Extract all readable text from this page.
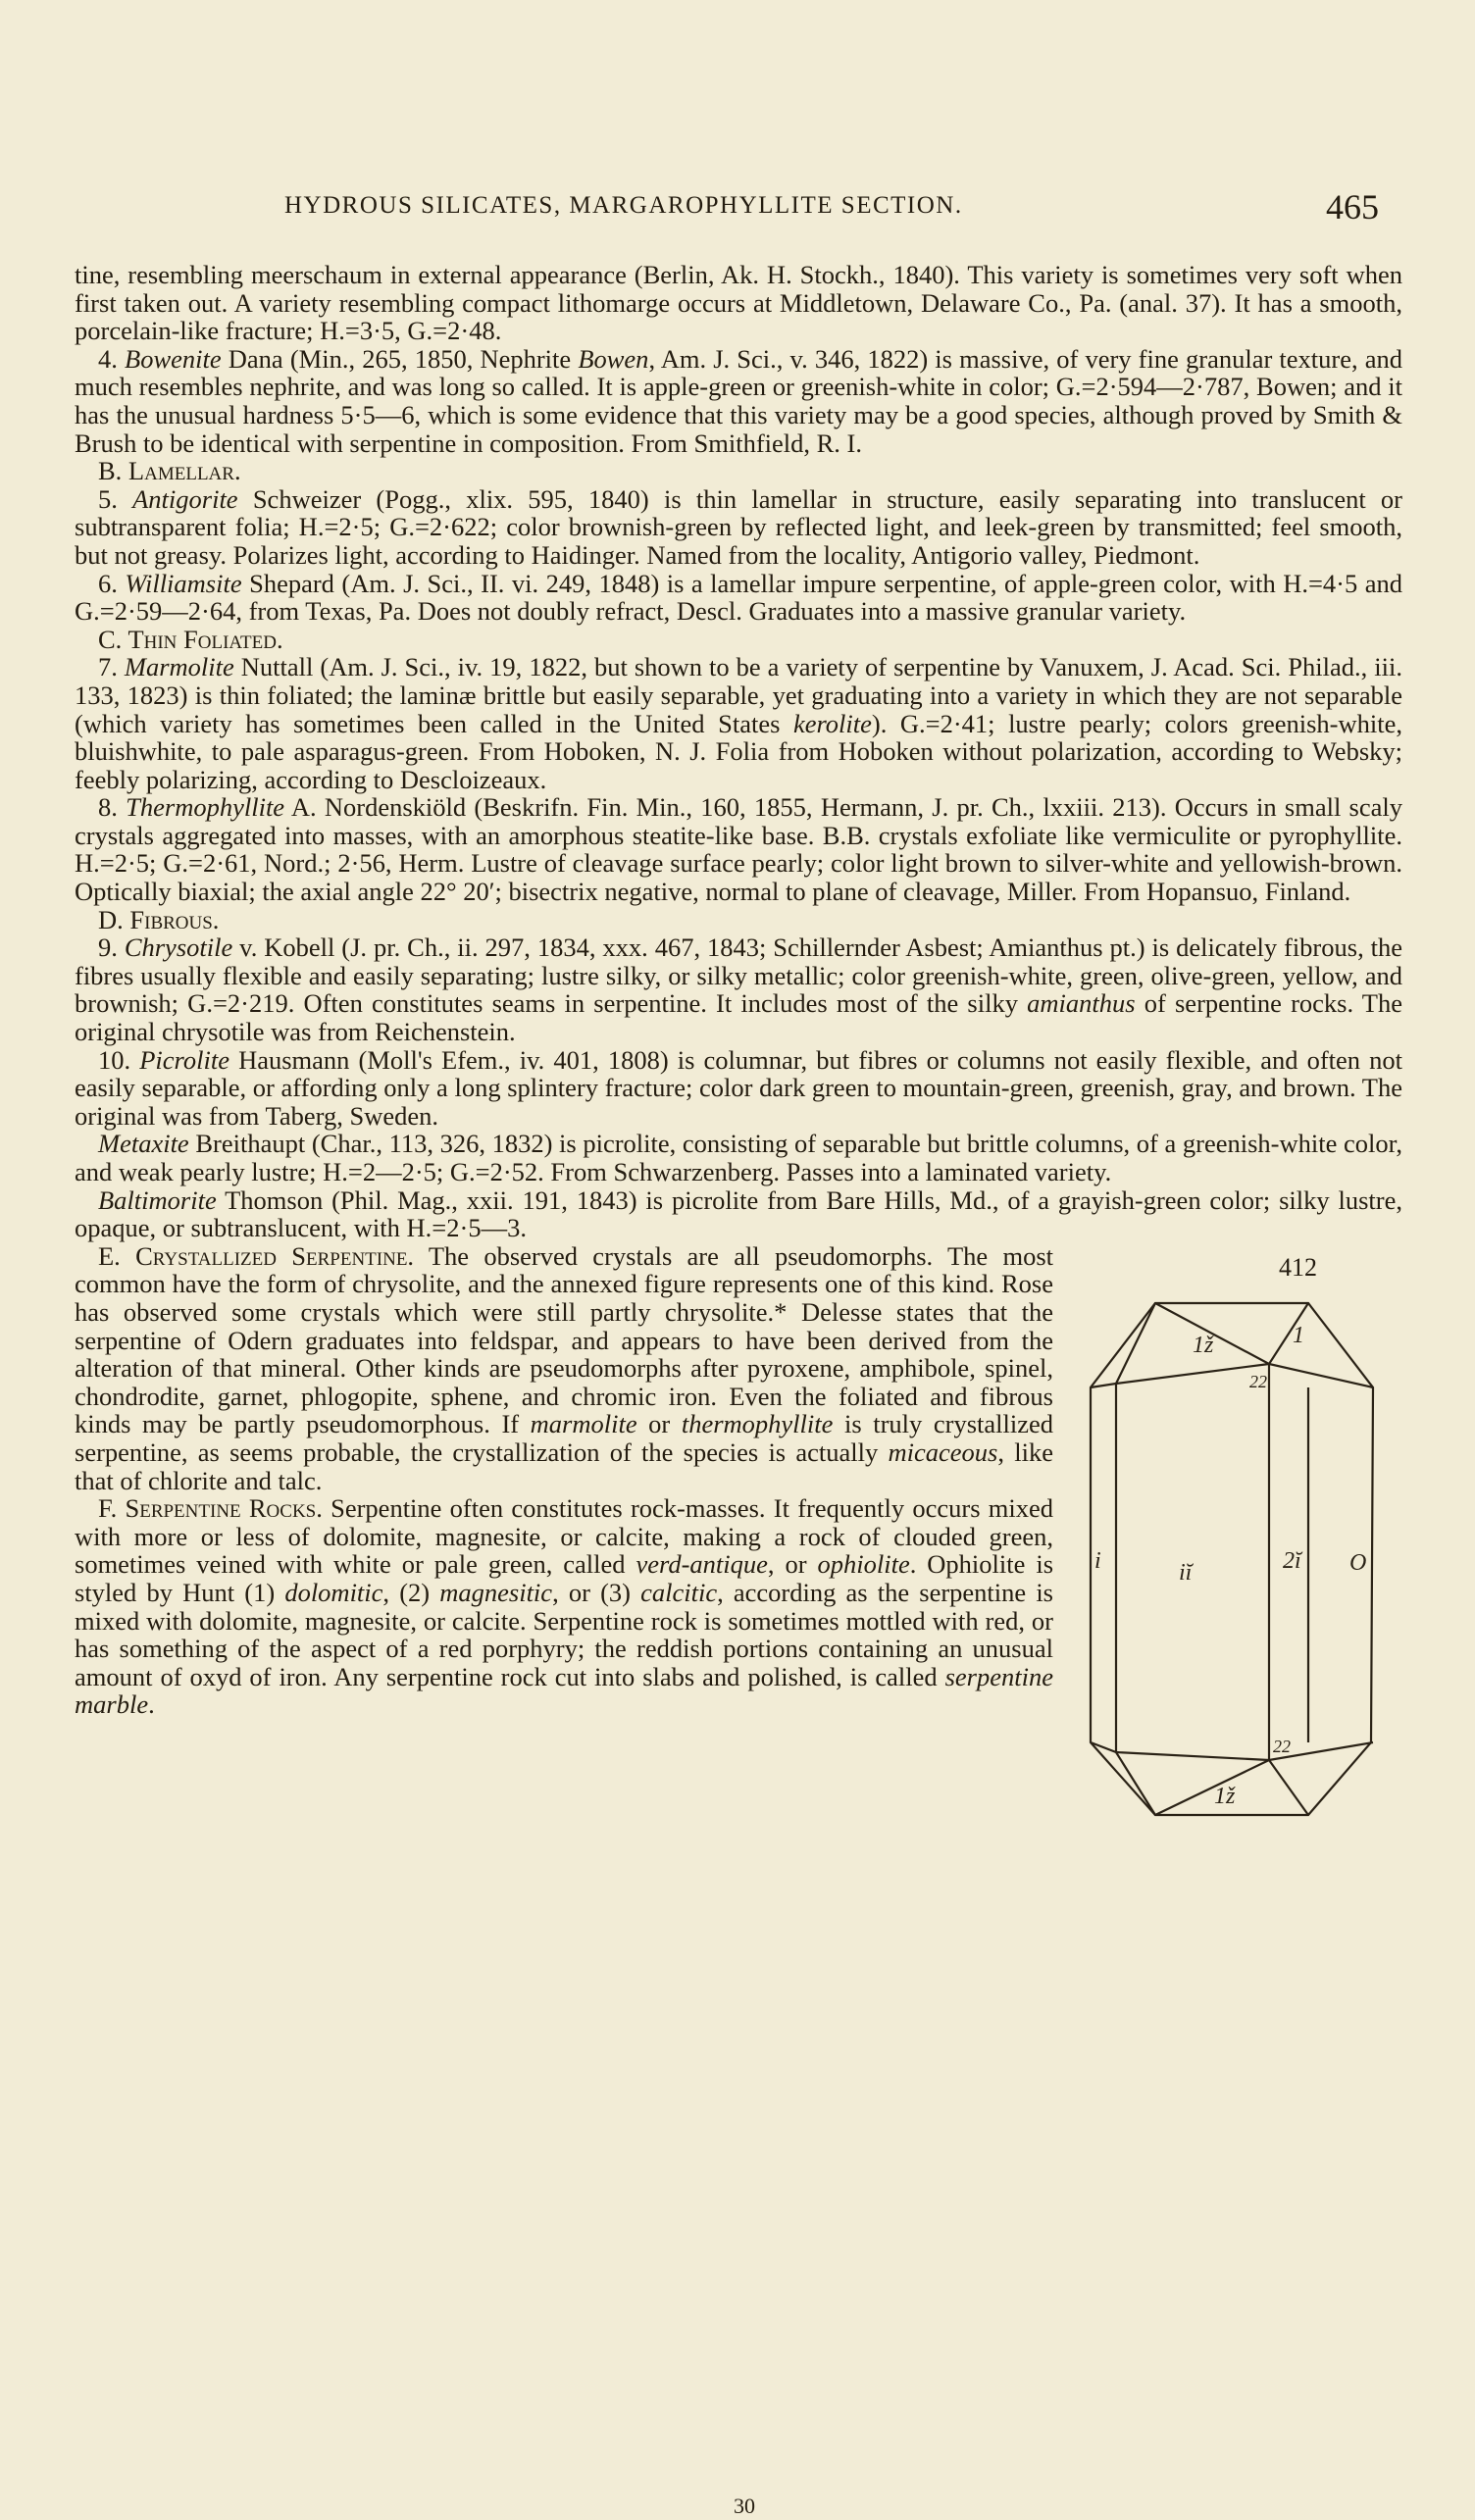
HYDROUS SILICATES, MARGAROPHYLLITE SECTION.	465

tine, resembling meerschaum in external appearance (Berlin, Ak. H. Stockh., 1840). This variety is sometimes very soft when first taken out. A variety resembling compact lithomarge occurs at Middletown, Delaware Co., Pa. (anal. 37). It has a smooth, porcelain-like fracture; H.=3·5, G.=2·48.

4. Bowenite Dana (Min., 265, 1850, Nephrite Bowen, Am. J. Sci., v. 346, 1822) is massive, of very fine granular texture, and much resembles nephrite, and was long so called. It is apple-green or greenish-white in color; G.=2·594—2·787, Bowen; and it has the unusual hardness 5·5—6, which is some evidence that this variety may be a good species, although proved by Smith & Brush to be identical with serpentine in composition. From Smithfield, R. I.

B. Lamellar.

5. Antigorite Schweizer (Pogg., xlix. 595, 1840) is thin lamellar in structure, easily separating into translucent or subtransparent folia; H.=2·5; G.=2·622; color brownish-green by reflected light, and leek-green by transmitted; feel smooth, but not greasy. Polarizes light, according to Haidinger. Named from the locality, Antigorio valley, Piedmont.

6. Williamsite Shepard (Am. J. Sci., II. vi. 249, 1848) is a lamellar impure serpentine, of apple-green color, with H.=4·5 and G.=2·59—2·64, from Texas, Pa. Does not doubly refract, Descl. Graduates into a massive granular variety.

C. Thin Foliated.

7. Marmolite Nuttall (Am. J. Sci., iv. 19, 1822, but shown to be a variety of serpentine by Vanuxem, J. Acad. Sci. Philad., iii. 133, 1823) is thin foliated; the laminæ brittle but easily separable, yet graduating into a variety in which they are not separable (which variety has sometimes been called in the United States kerolite). G.=2·41; lustre pearly; colors greenish-white, bluishwhite, to pale asparagus-green. From Hoboken, N. J. Folia from Hoboken without polarization, according to Websky; feebly polarizing, according to Descloizeaux.

8. Thermophyllite A. Nordenskiöld (Beskrifn. Fin. Min., 160, 1855, Hermann, J. pr. Ch., lxxiii. 213). Occurs in small scaly crystals aggregated into masses, with an amorphous steatite-like base. B.B. crystals exfoliate like vermiculite or pyrophyllite. H.=2·5; G.=2·61, Nord.; 2·56, Herm. Lustre of cleavage surface pearly; color light brown to silver-white and yellowish-brown. Optically biaxial; the axial angle 22° 20′; bisectrix negative, normal to plane of cleavage, Miller. From Hopansuo, Finland.

D. Fibrous.

9. Chrysotile v. Kobell (J. pr. Ch., ii. 297, 1834, xxx. 467, 1843; Schillernder Asbest; Amianthus pt.) is delicately fibrous, the fibres usually flexible and easily separating; lustre silky, or silky metallic; color greenish-white, green, olive-green, yellow, and brownish; G.=2·219. Often constitutes seams in serpentine. It includes most of the silky amianthus of serpentine rocks. The original chrysotile was from Reichenstein.

10. Picrolite Hausmann (Moll's Efem., iv. 401, 1808) is columnar, but fibres or columns not easily flexible, and often not easily separable, or affording only a long splintery fracture; color dark green to mountain-green, greenish, gray, and brown. The original was from Taberg, Sweden.

Metaxite Breithaupt (Char., 113, 326, 1832) is picrolite, consisting of separable but brittle columns, of a greenish-white color, and weak pearly lustre; H.=2—2·5; G.=2·52. From Schwarzenberg. Passes into a laminated variety.

Baltimorite Thomson (Phil. Mag., xxii. 191, 1843) is picrolite from Bare Hills, Md., of a grayish-green color; silky lustre, opaque, or subtranslucent, with H.=2·5—3.

412
1ž	1
22
i	iĭ	2ĭ O
22
1ž
E. Crystallized Serpentine. The observed crystals are all pseudomorphs. The most common have the form of chrysolite, and the annexed figure represents one of this kind. Rose has observed some crystals which were still partly chrysolite.* Delesse states that the serpentine of Odern graduates into feldspar, and appears to have been derived from the alteration of that mineral. Other kinds are pseudomorphs after pyroxene, amphibole, spinel, chondrodite, garnet, phlogopite, sphene, and chromic iron. Even the foliated and fibrous kinds may be partly pseudomorphous. If marmolite or thermophyllite is truly crystallized serpentine, as seems probable, the crystallization of the species is actually micaceous, like that of chlorite and talc.

F. Serpentine Rocks. Serpentine often constitutes rock-masses. It frequently occurs mixed with more or less of dolomite, magnesite, or calcite, making a rock of clouded green, sometimes veined with white or pale green, called verd-antique, or ophiolite. Ophiolite is styled by Hunt (1) dolomitic, (2) magnesitic, or (3) calcitic, according as the serpentine is mixed with dolomite, magnesite, or calcite. Serpentine rock is sometimes mottled with red, or has something of the aspect of a red porphyry; the reddish portions containing an unusual amount of oxyd of iron. Any serpentine rock cut into slabs and polished, is called serpentine marble.

30
